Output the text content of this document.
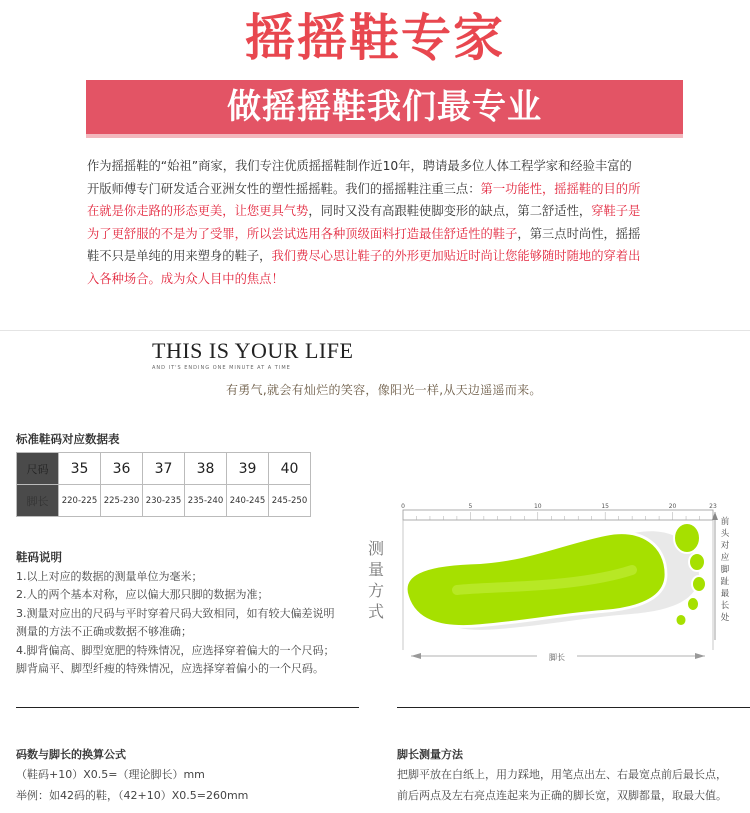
摇摇鞋专家
做摇摇鞋我们最专业
作为摇摇鞋的“始祖”商家，我们专注优质摇摇鞋制作近10年，聘请最多位人体工程学家和经验丰富的
开版师傅专门研发适合亚洲女性的塑性摇摇鞋。我们的摇摇鞋注重三点：第一功能性，摇摇鞋的目的所
在就是你走路的形态更美，让您更具气势，同时又没有高跟鞋使脚变形的缺点，第二舒适性，穿鞋子是
为了更舒服的不是为了受罪，所以尝试选用各种顶级面料打造最佳舒适性的鞋子，第三点时尚性，摇摇
鞋不只是单纯的用来塑身的鞋子，我们费尽心思让鞋子的外形更加贴近时尚让您能够随时随地的穿着出
入各种场合。成为众人目中的焦点！
THIS IS YOUR LIFE
AND IT'S ENDING ONE MINUTE AT A TIME
有勇气,就会有灿烂的笑容，像阳光一样,从天边遥遥而来。
标准鞋码对应数据表
尺码	35	36	37	38	39	40
脚长	220-225	225-230	230-235	235-240	240-245	245-250
鞋码说明
1.以上对应的数据的测量单位为毫米；
2.人的两个基本对称，应以偏大那只脚的数据为准；
3.测量对应出的尺码与平时穿着尺码大致相同，如有较大偏差说明
测量的方法不正确或数据不够准确；
4.脚背偏高、脚型宽肥的特殊情况，应选择穿着偏大的一个尺码；
脚背扁平、脚型纤瘦的特殊情况，应选择穿着偏小的一个尺码。
测量方式
0	5	10	15	20	23
前头对应脚趾最长处
脚长
码数与脚长的换算公式
（鞋码+10）X0.5=（理论脚长）mm
举例：如42码的鞋，（42+10）X0.5=260mm
脚长测量方法
把脚平放在白纸上，用力踩地，用笔点出左、右最宽点前后最长点，
前后两点及左右亮点连起来为正确的脚长宽，双脚都量，取最大值。
